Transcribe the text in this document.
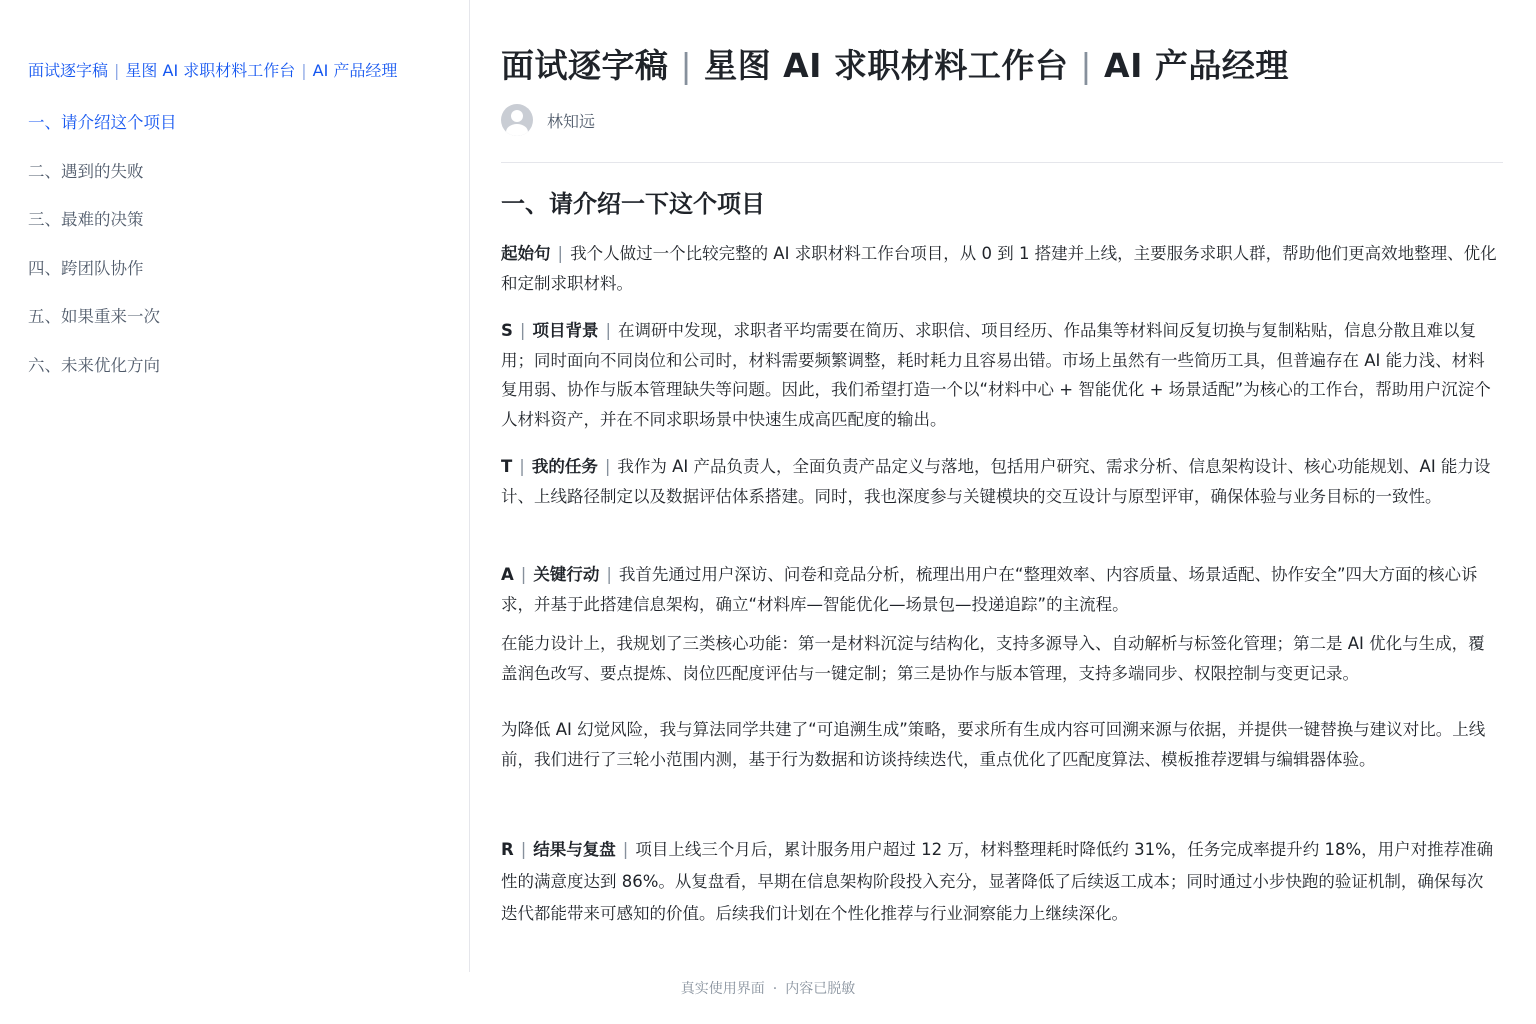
面试逐字稿 | 星图 AI 求职材料工作台 | AI 产品经理
一、请介绍这个项目
二、遇到的失败
三、最难的决策
四、跨团队协作
五、如果重来一次
六、未来优化方向
面试逐字稿 | 星图 AI 求职材料工作台 | AI 产品经理
林知远
一、请介绍一下这个项目

起始句 | 我个人做过一个比较完整的 AI 求职材料工作台项目，从 0 到 1 搭建并上线，主要服务求职人群，帮助他们更高效地整理、优化和定制求职材料。

S | 项目背景 | 在调研中发现，求职者平均需要在简历、求职信、项目经历、作品集等材料间反复切换与复制粘贴，信息分散且难以复用；同时面向不同岗位和公司时，材料需要频繁调整，耗时耗力且容易出错。市场上虽然有一些简历工具，但普遍存在 AI 能力浅、材料复用弱、协作与版本管理缺失等问题。因此，我们希望打造一个以“材料中心 + 智能优化 + 场景适配”为核心的工作台，帮助用户沉淀个人材料资产，并在不同求职场景中快速生成高匹配度的输出。

T | 我的任务 | 我作为 AI 产品负责人，全面负责产品定义与落地，包括用户研究、需求分析、信息架构设计、核心功能规划、AI 能力设计、上线路径制定以及数据评估体系搭建。同时，我也深度参与关键模块的交互设计与原型评审，确保体验与业务目标的一致性。

A | 关键行动 | 我首先通过用户深访、问卷和竞品分析，梳理出用户在“整理效率、内容质量、场景适配、协作安全”四大方面的核心诉求，并基于此搭建信息架构，确立“材料库—智能优化—场景包—投递追踪”的主流程。

在能力设计上，我规划了三类核心功能：第一是材料沉淀与结构化，支持多源导入、自动解析与标签化管理；第二是 AI 优化与生成，覆盖润色改写、要点提炼、岗位匹配度评估与一键定制；第三是协作与版本管理，支持多端同步、权限控制与变更记录。

为降低 AI 幻觉风险，我与算法同学共建了“可追溯生成”策略，要求所有生成内容可回溯来源与依据，并提供一键替换与建议对比。上线前，我们进行了三轮小范围内测，基于行为数据和访谈持续迭代，重点优化了匹配度算法、模板推荐逻辑与编辑器体验。

R | 结果与复盘 | 项目上线三个月后，累计服务用户超过 12 万，材料整理耗时降低约 31%，任务完成率提升约 18%，用户对推荐准确性的满意度达到 86%。从复盘看，早期在信息架构阶段投入充分，显著降低了后续返工成本；同时通过小步快跑的验证机制，确保每次迭代都能带来可感知的价值。后续我们计划在个性化推荐与行业洞察能力上继续深化。

真实使用界面 · 内容已脱敏
